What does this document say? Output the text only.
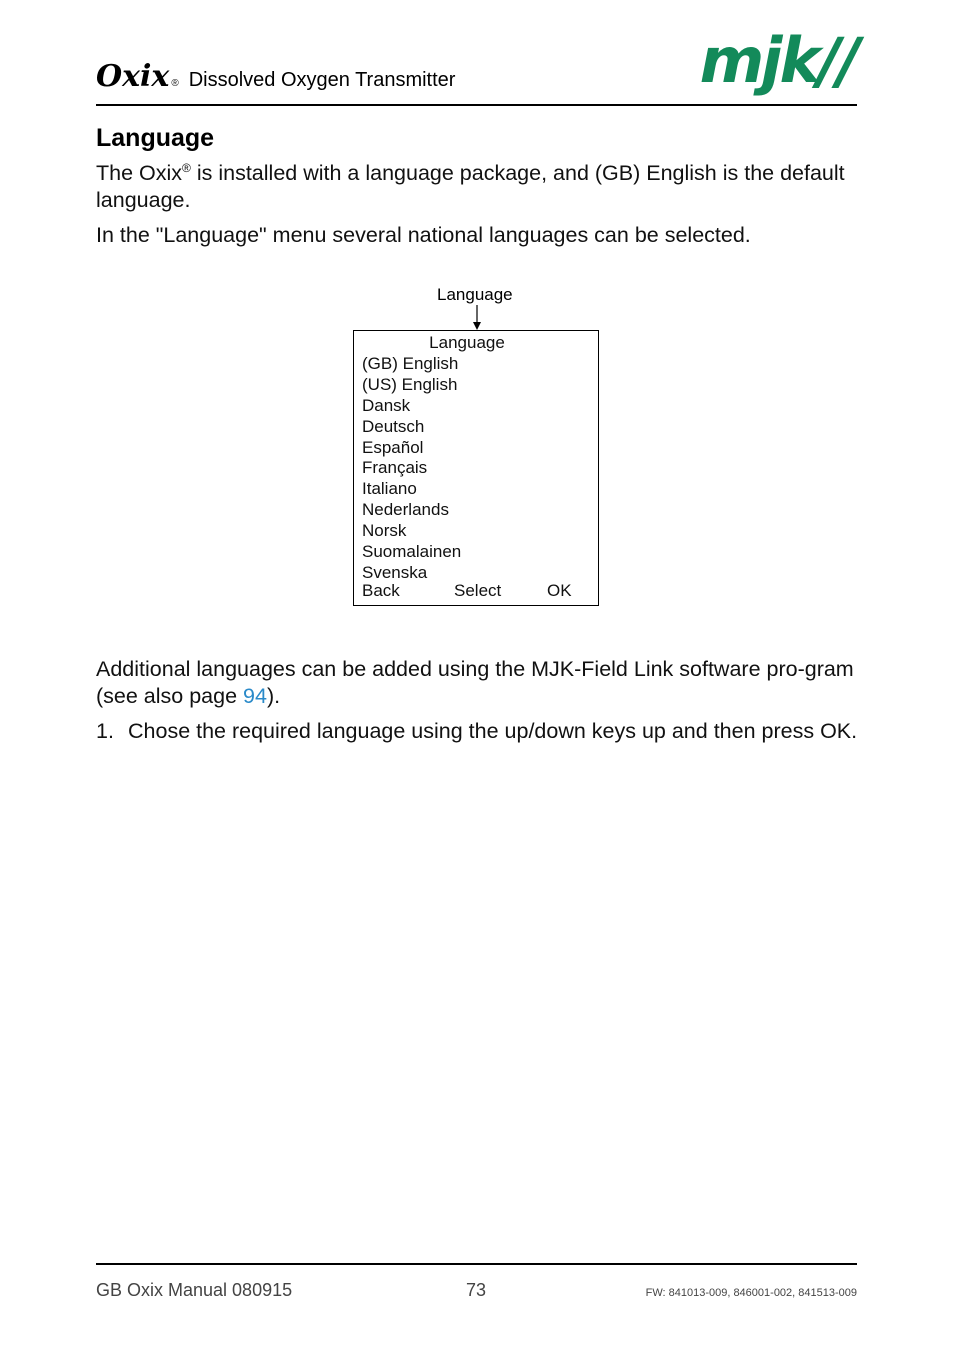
Oxix ® Dissolved Oxygen Transmitter	mjk//
Language

The Oxix® is installed with a language package, and (GB) English is the default language.

In the "Language" menu several national languages can be selected.

Language
Language
(GB) English
(US) English
Dansk
Deutsch
Español
Français
Italiano
Nederlands
Norsk
Suomalainen
Svenska
Back	Select	OK

Additional languages can be added using the MJK-Field Link software pro-gram (see also page 94).

1. Chose the required language using the up/down keys up and then press OK.
GB Oxix Manual 080915	73	FW: 841013-009, 846001-002, 841513-009
